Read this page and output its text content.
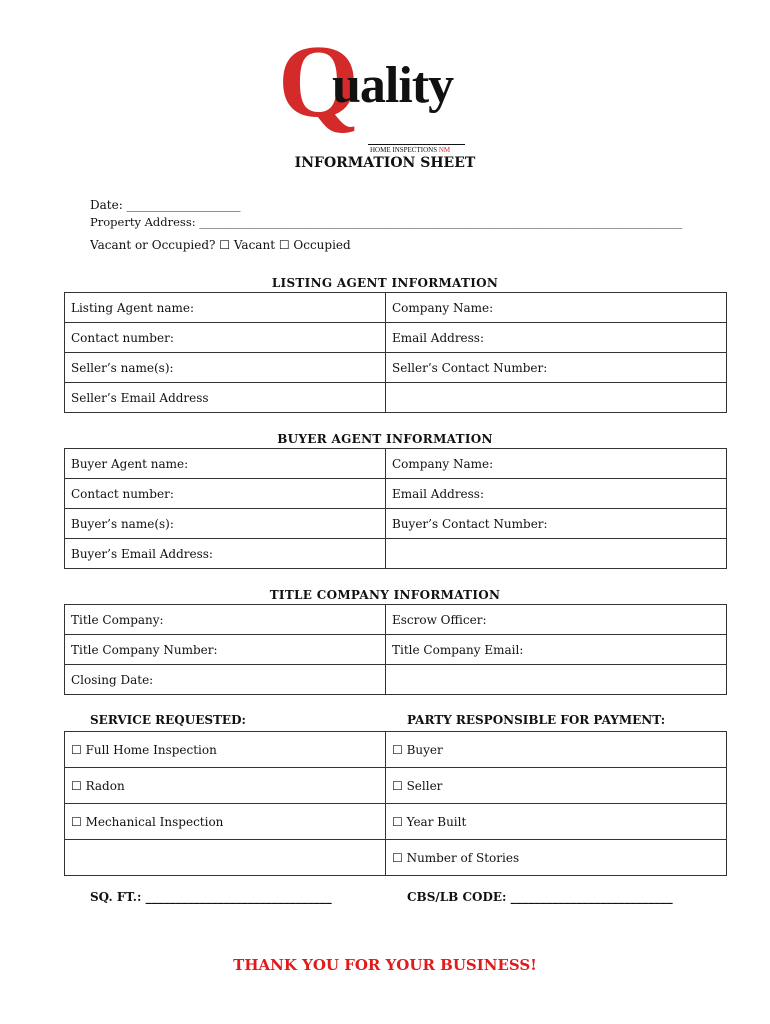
Q
uality
HOME INSPECTIONS NM
INFORMATION SHEET
Date: ___________________
Property Address: ____________________________________________________________________________________
Vacant or Occupied? ☐ Vacant ☐ Occupied
LISTING AGENT INFORMATION
Listing Agent name:	Company Name:
Contact number:	Email Address:
Seller’s name(s):	Seller’s Contact Number:
Seller’s Email Address	
BUYER AGENT INFORMATION
Buyer Agent name:	Company Name:
Contact number:	Email Address:
Buyer’s name(s):	Buyer’s Contact Number:
Buyer’s Email Address:	
TITLE COMPANY INFORMATION
Title Company:	Escrow Officer:
Title Company Number:	Title Company Email:
Closing Date:	
SERVICE REQUESTED:	PARTY RESPONSIBLE FOR PAYMENT:
☐ Full Home Inspection	☐ Buyer
☐ Radon	☐ Seller
☐ Mechanical Inspection	☐ Year Built
	☐ Number of Stories
SQ. FT.: _______________________________	CBS/LB CODE: ___________________________
THANK YOU FOR YOUR BUSINESS!
